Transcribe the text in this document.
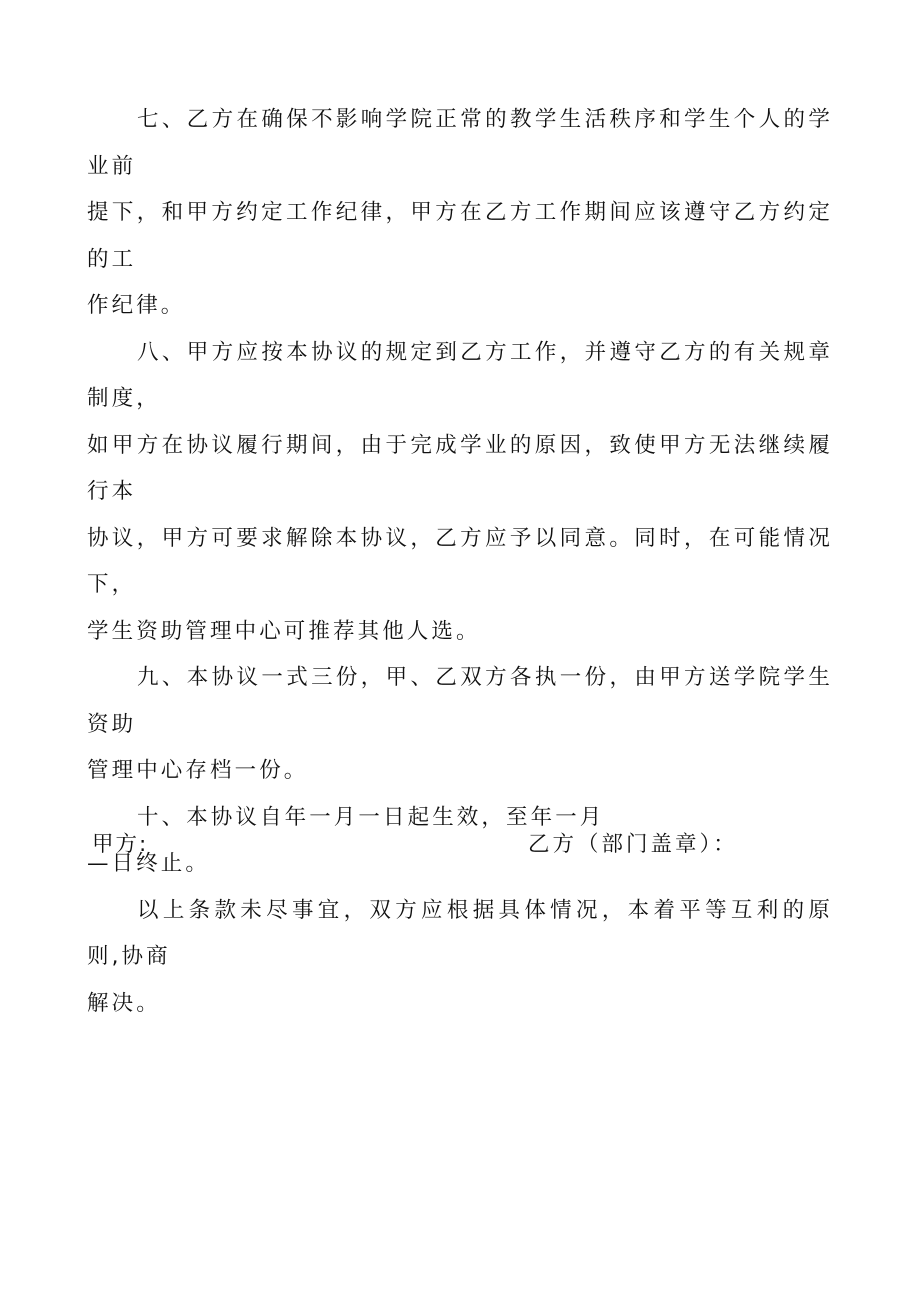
七、乙方在确保不影响学院正常的教学生活秩序和学生个人的学业前
提下，和甲方约定工作纪律，甲方在乙方工作期间应该遵守乙方约定的工
作纪律。

八、甲方应按本协议的规定到乙方工作，并遵守乙方的有关规章制度，
如甲方在协议履行期间，由于完成学业的原因，致使甲方无法继续履行本
协议，甲方可要求解除本协议，乙方应予以同意。同时，在可能情况下，
学生资助管理中心可推荐其他人选。

九、本协议一式三份，甲、乙双方各执一份，由甲方送学院学生资助
管理中心存档一份。

十、本协议自年一月一日起生效，至年一月
—日终止。

以上条款未尽事宜，双方应根据具体情况，本着平等互利的原则,协商
解决。

甲方:	乙方（部门盖章）：
